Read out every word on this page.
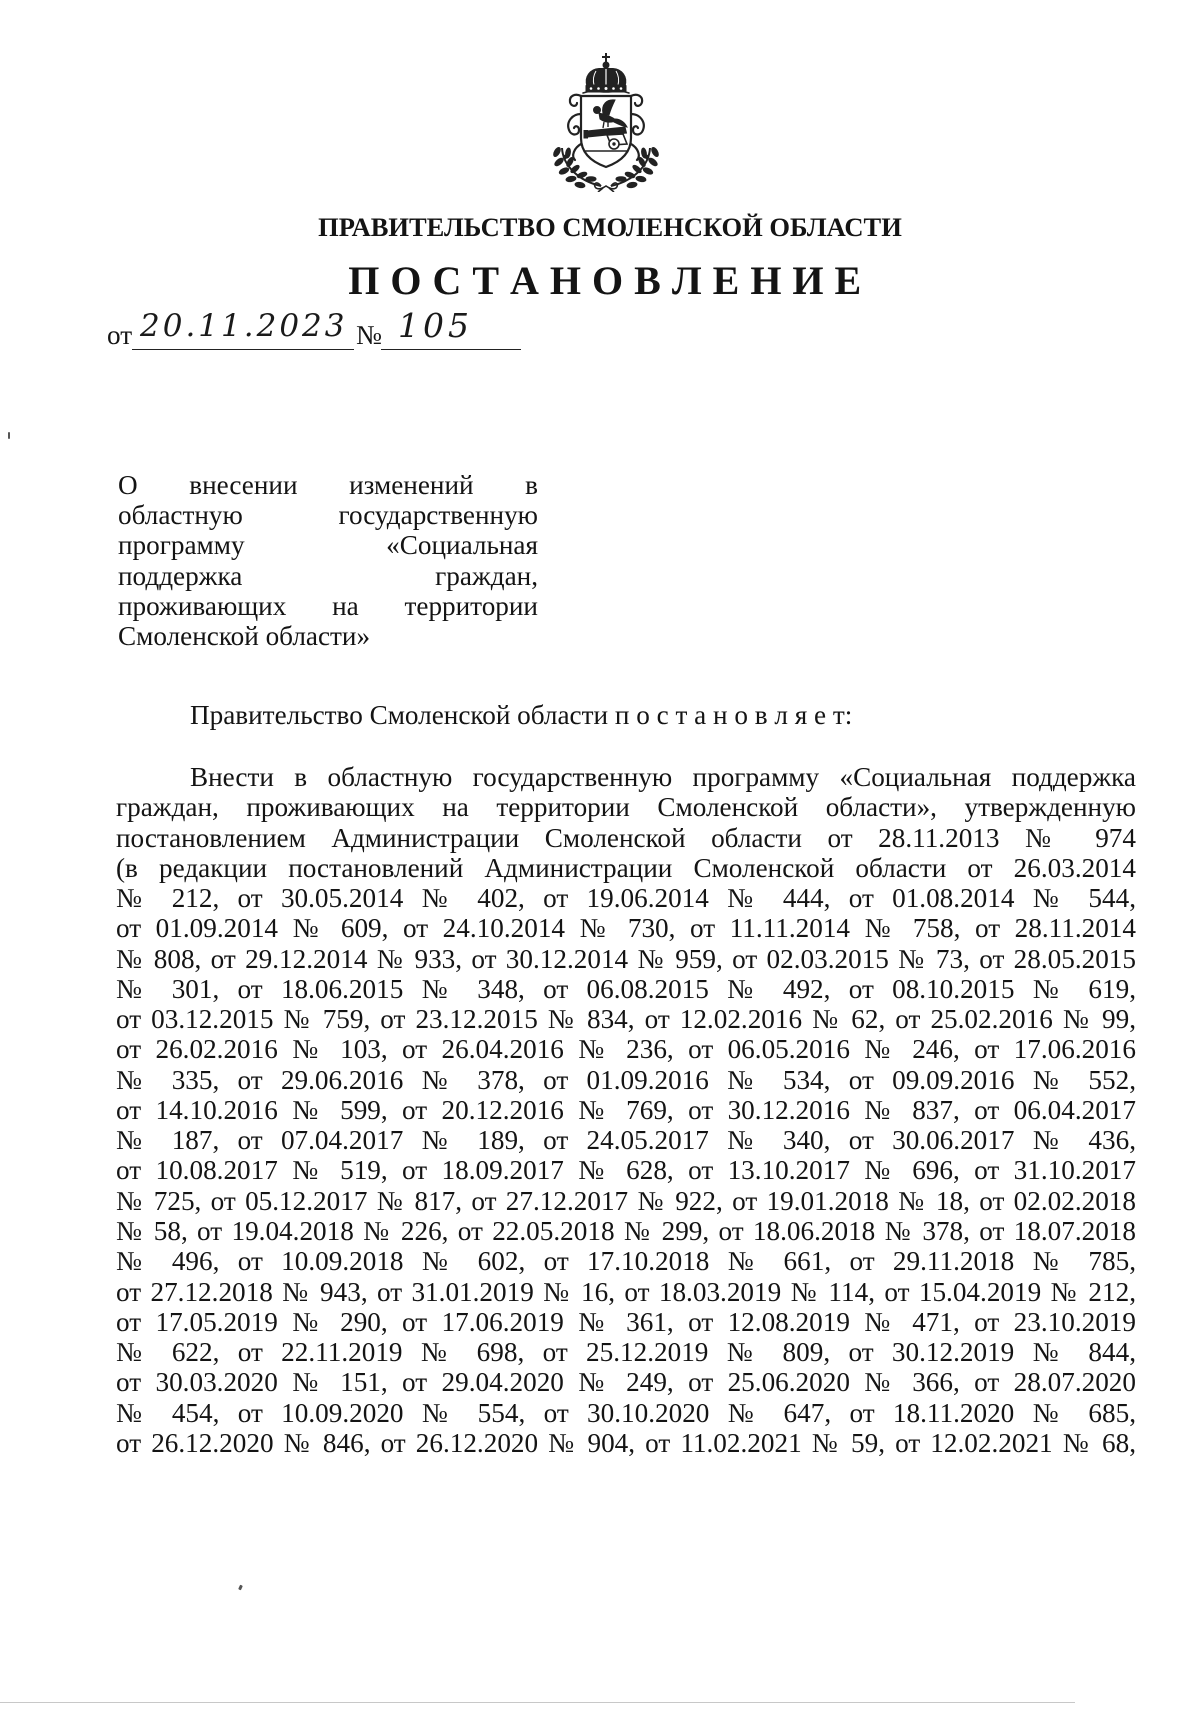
ПРАВИТЕЛЬСТВО СМОЛЕНСКОЙ ОБЛАСТИ
П О С Т А Н О В Л Е Н И Е
от 20.11.2023 № 105
О внесении изменений в
областную государственную
программу «Социальная
поддержка граждан,
проживающих на территории
Смоленской области»
Правительство Смоленской области п о с т а н о в л я е т:
Внести в областную государственную программу «Социальная поддержка
граждан, проживающих на территории Смоленской области», утвержденную
постановлением Администрации Смоленской области от 28.11.2013 № 974
(в редакции постановлений Администрации Смоленской области от 26.03.2014
№ 212, от 30.05.2014 № 402, от 19.06.2014 № 444, от 01.08.2014 № 544,
от 01.09.2014 № 609, от 24.10.2014 № 730, от 11.11.2014 № 758, от 28.11.2014
№ 808, от 29.12.2014 № 933, от 30.12.2014 № 959, от 02.03.2015 № 73, от 28.05.2015
№ 301, от 18.06.2015 № 348, от 06.08.2015 № 492, от 08.10.2015 № 619,
от 03.12.2015 № 759, от 23.12.2015 № 834, от 12.02.2016 № 62, от 25.02.2016 № 99,
от 26.02.2016 № 103, от 26.04.2016 № 236, от 06.05.2016 № 246, от 17.06.2016
№ 335, от 29.06.2016 № 378, от 01.09.2016 № 534, от 09.09.2016 № 552,
от 14.10.2016 № 599, от 20.12.2016 № 769, от 30.12.2016 № 837, от 06.04.2017
№ 187, от 07.04.2017 № 189, от 24.05.2017 № 340, от 30.06.2017 № 436,
от 10.08.2017 № 519, от 18.09.2017 № 628, от 13.10.2017 № 696, от 31.10.2017
№ 725, от 05.12.2017 № 817, от 27.12.2017 № 922, от 19.01.2018 № 18, от 02.02.2018
№ 58, от 19.04.2018 № 226, от 22.05.2018 № 299, от 18.06.2018 № 378, от 18.07.2018
№ 496, от 10.09.2018 № 602, от 17.10.2018 № 661, от 29.11.2018 № 785,
от 27.12.2018 № 943, от 31.01.2019 № 16, от 18.03.2019 № 114, от 15.04.2019 № 212,
от 17.05.2019 № 290, от 17.06.2019 № 361, от 12.08.2019 № 471, от 23.10.2019
№ 622, от 22.11.2019 № 698, от 25.12.2019 № 809, от 30.12.2019 № 844,
от 30.03.2020 № 151, от 29.04.2020 № 249, от 25.06.2020 № 366, от 28.07.2020
№ 454, от 10.09.2020 № 554, от 30.10.2020 № 647, от 18.11.2020 № 685,
от 26.12.2020 № 846, от 26.12.2020 № 904, от 11.02.2021 № 59, от 12.02.2021 № 68,
